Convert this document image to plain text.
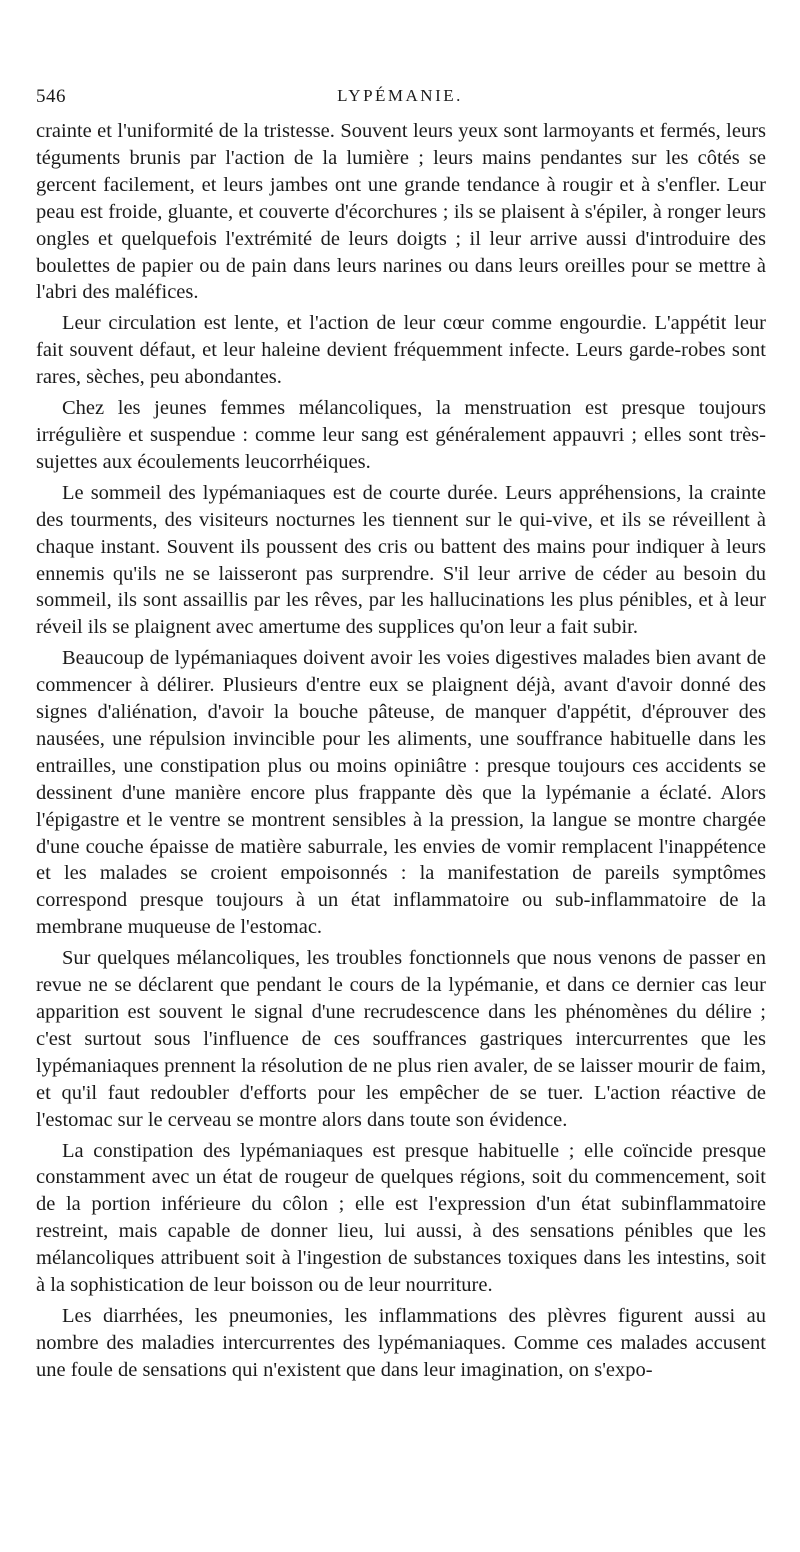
546	LYPÉMANIE.

crainte et l'uniformité de la tristesse. Souvent leurs yeux sont larmoyants et fermés, leurs téguments brunis par l'action de la lumière ; leurs mains pendantes sur les côtés se gercent facilement, et leurs jambes ont une grande tendance à rougir et à s'enfler. Leur peau est froide, gluante, et couverte d'écorchures ; ils se plaisent à s'épiler, à ronger leurs ongles et quelquefois l'extrémité de leurs doigts ; il leur arrive aussi d'introduire des boulettes de papier ou de pain dans leurs narines ou dans leurs oreilles pour se mettre à l'abri des maléfices.

Leur circulation est lente, et l'action de leur cœur comme engourdie. L'appétit leur fait souvent défaut, et leur haleine devient fréquemment infecte. Leurs garde-robes sont rares, sèches, peu abondantes.

Chez les jeunes femmes mélancoliques, la menstruation est presque toujours irrégulière et suspendue : comme leur sang est généralement appauvri ; elles sont très-sujettes aux écoulements leucorrhéiques.

Le sommeil des lypémaniaques est de courte durée. Leurs appréhensions, la crainte des tourments, des visiteurs nocturnes les tiennent sur le qui-vive, et ils se réveillent à chaque instant. Souvent ils poussent des cris ou battent des mains pour indiquer à leurs ennemis qu'ils ne se laisseront pas surprendre. S'il leur arrive de céder au besoin du sommeil, ils sont assaillis par les rêves, par les hallucinations les plus pénibles, et à leur réveil ils se plaignent avec amertume des supplices qu'on leur a fait subir.

Beaucoup de lypémaniaques doivent avoir les voies digestives malades bien avant de commencer à délirer. Plusieurs d'entre eux se plaignent déjà, avant d'avoir donné des signes d'aliénation, d'avoir la bouche pâteuse, de manquer d'appétit, d'éprouver des nausées, une répulsion invincible pour les aliments, une souffrance habituelle dans les entrailles, une constipation plus ou moins opiniâtre : presque toujours ces accidents se dessinent d'une manière encore plus frappante dès que la lypémanie a éclaté. Alors l'épigastre et le ventre se montrent sensibles à la pression, la langue se montre chargée d'une couche épaisse de matière saburrale, les envies de vomir remplacent l'inappétence et les malades se croient empoisonnés : la manifestation de pareils symptômes correspond presque toujours à un état inflammatoire ou sub-inflammatoire de la membrane muqueuse de l'estomac.

Sur quelques mélancoliques, les troubles fonctionnels que nous venons de passer en revue ne se déclarent que pendant le cours de la lypémanie, et dans ce dernier cas leur apparition est souvent le signal d'une recrudescence dans les phénomènes du délire ; c'est surtout sous l'influence de ces souffrances gastriques intercurrentes que les lypémaniaques prennent la résolution de ne plus rien avaler, de se laisser mourir de faim, et qu'il faut redoubler d'efforts pour les empêcher de se tuer. L'action réactive de l'estomac sur le cerveau se montre alors dans toute son évidence.

La constipation des lypémaniaques est presque habituelle ; elle coïncide presque constamment avec un état de rougeur de quelques régions, soit du commencement, soit de la portion inférieure du côlon ; elle est l'expression d'un état subinflammatoire restreint, mais capable de donner lieu, lui aussi, à des sensations pénibles que les mélancoliques attribuent soit à l'ingestion de substances toxiques dans les intestins, soit à la sophistication de leur boisson ou de leur nourriture.

Les diarrhées, les pneumonies, les inflammations des plèvres figurent aussi au nombre des maladies intercurrentes des lypémaniaques. Comme ces malades accusent une foule de sensations qui n'existent que dans leur imagination, on s'expo-
